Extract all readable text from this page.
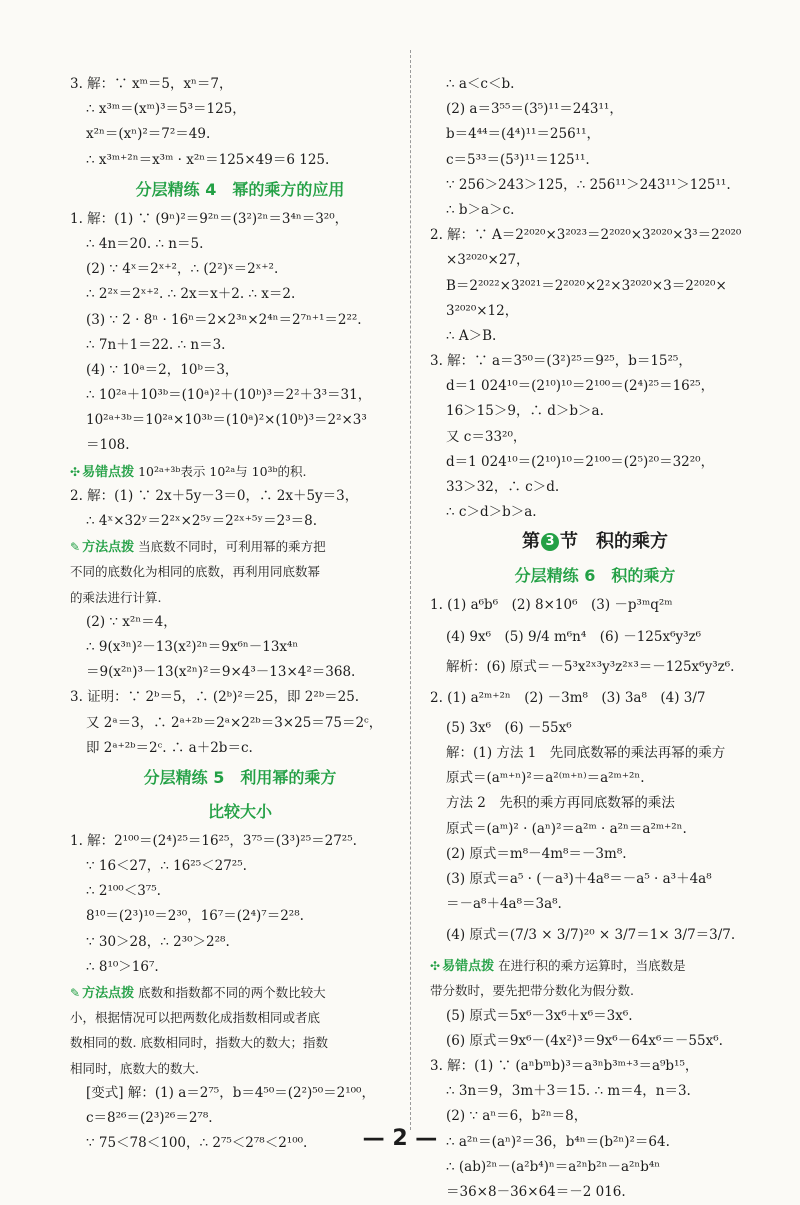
3. 解：∵ xᵐ＝5，xⁿ＝7，
∴ x³ᵐ＝(xᵐ)³＝5³＝125，
x²ⁿ＝(xⁿ)²＝7²＝49.
∴ x³ᵐ⁺²ⁿ＝x³ᵐ · x²ⁿ＝125×49＝6 125.
分层精练 4　幂的乘方的应用
1. 解：(1) ∵ (9ⁿ)²＝9²ⁿ＝(3²)²ⁿ＝3⁴ⁿ＝3²⁰，
∴ 4n＝20. ∴ n＝5.
(2) ∵ 4ˣ＝2ˣ⁺²，∴ (2²)ˣ＝2ˣ⁺².
∴ 2²ˣ＝2ˣ⁺². ∴ 2x＝x＋2. ∴ x＝2.
(3) ∵ 2 · 8ⁿ · 16ⁿ＝2×2³ⁿ×2⁴ⁿ＝2⁷ⁿ⁺¹＝2²².
∴ 7n＋1＝22. ∴ n＝3.
(4) ∵ 10ᵃ＝2，10ᵇ＝3，
∴ 10²ᵃ＋10³ᵇ＝(10ᵃ)²＋(10ᵇ)³＝2²＋3³＝31，
10²ᵃ⁺³ᵇ＝10²ᵃ×10³ᵇ＝(10ᵃ)²×(10ᵇ)³＝2²×3³
＝108.
✣ 易错点拨 10²ᵃ⁺³ᵇ表示 10²ᵃ与 10³ᵇ的积.
2. 解：(1) ∵ 2x＋5y－3＝0，∴ 2x＋5y＝3，
∴ 4ˣ×32ʸ＝2²ˣ×2⁵ʸ＝2²ˣ⁺⁵ʸ＝2³＝8.
✎ 方法点拨 当底数不同时，可利用幂的乘方把
不同的底数化为相同的底数，再利用同底数幂
的乘法进行计算.
(2) ∵ x²ⁿ＝4，
∴ 9(x³ⁿ)²－13(x²)²ⁿ＝9x⁶ⁿ－13x⁴ⁿ
＝9(x²ⁿ)³－13(x²ⁿ)²＝9×4³－13×4²＝368.
3. 证明：∵ 2ᵇ＝5，∴ (2ᵇ)²＝25，即 2²ᵇ＝25.
又 2ᵃ＝3，∴ 2ᵃ⁺²ᵇ＝2ᵃ×2²ᵇ＝3×25＝75＝2ᶜ，
即 2ᵃ⁺²ᵇ＝2ᶜ. ∴ a＋2b＝c.
分层精练 5　利用幂的乘方
比较大小
1. 解：2¹⁰⁰＝(2⁴)²⁵＝16²⁵，3⁷⁵＝(3³)²⁵＝27²⁵.
∵ 16＜27，∴ 16²⁵＜27²⁵.
∴ 2¹⁰⁰＜3⁷⁵.
8¹⁰＝(2³)¹⁰＝2³⁰，16⁷＝(2⁴)⁷＝2²⁸.
∵ 30＞28，∴ 2³⁰＞2²⁸.
∴ 8¹⁰＞16⁷.
✎ 方法点拨 底数和指数都不同的两个数比较大
小，根据情况可以把两数化成指数相同或者底
数相同的数. 底数相同时，指数大的数大；指数
相同时，底数大的数大.
[变式] 解：(1) a＝2⁷⁵，b＝4⁵⁰＝(2²)⁵⁰＝2¹⁰⁰，
c＝8²⁶＝(2³)²⁶＝2⁷⁸.
∵ 75＜78＜100，∴ 2⁷⁵＜2⁷⁸＜2¹⁰⁰.
∴ a＜c＜b.
(2) a＝3⁵⁵＝(3⁵)¹¹＝243¹¹，
b＝4⁴⁴＝(4⁴)¹¹＝256¹¹，
c＝5³³＝(5³)¹¹＝125¹¹.
∵ 256＞243＞125，∴ 256¹¹＞243¹¹＞125¹¹.
∴ b＞a＞c.
2. 解：∵ A＝2²⁰²⁰×3²⁰²³＝2²⁰²⁰×3²⁰²⁰×3³＝2²⁰²⁰
×3²⁰²⁰×27，
B＝2²⁰²²×3²⁰²¹＝2²⁰²⁰×2²×3²⁰²⁰×3＝2²⁰²⁰×
3²⁰²⁰×12，
∴ A＞B.
3. 解：∵ a＝3⁵⁰＝(3²)²⁵＝9²⁵，b＝15²⁵，
d＝1 024¹⁰＝(2¹⁰)¹⁰＝2¹⁰⁰＝(2⁴)²⁵＝16²⁵，
16＞15＞9，∴ d＞b＞a.
又 c＝33²⁰，
d＝1 024¹⁰＝(2¹⁰)¹⁰＝2¹⁰⁰＝(2⁵)²⁰＝32²⁰，
33＞32，∴ c＞d.
∴ c＞d＞b＞a.
第 3 节　积的乘方
分层精练 6　积的乘方
1. (1) a⁶b⁶　(2) 8×10⁶　(3) －p³ᵐq²ᵐ
(4) 9x⁶　(5) 9/4 m⁶n⁴　(6) －125x⁶y³z⁶
解析：(6) 原式＝－5³x²ˣ³y³z²ˣ³＝－125x⁶y³z⁶.
2. (1) a²ᵐ⁺²ⁿ　(2) －3m⁸　(3) 3a⁸　(4) 3/7
(5) 3x⁶　(6) －55x⁶
解：(1) 方法 1　先同底数幂的乘法再幂的乘方
原式＝(aᵐ⁺ⁿ)²＝a²⁽ᵐ⁺ⁿ⁾＝a²ᵐ⁺²ⁿ.
方法 2　先积的乘方再同底数幂的乘法
原式＝(aᵐ)² · (aⁿ)²＝a²ᵐ · a²ⁿ＝a²ᵐ⁺²ⁿ.
(2) 原式＝m⁸－4m⁸＝－3m⁸.
(3) 原式＝a⁵ · (－a³)＋4a⁸＝－a⁵ · a³＋4a⁸
＝－a⁸＋4a⁸＝3a⁸.
(4) 原式＝(7/3 × 3/7)²⁰ × 3/7＝1× 3/7＝3/7.
✣ 易错点拨 在进行积的乘方运算时，当底数是
带分数时，要先把带分数化为假分数.
(5) 原式＝5x⁶－3x⁶＋x⁶＝3x⁶.
(6) 原式＝9x⁶－(4x²)³＝9x⁶－64x⁶＝－55x⁶.
3. 解：(1) ∵ (aⁿbᵐb)³＝a³ⁿb³ᵐ⁺³＝a⁹b¹⁵，
∴ 3n＝9，3m＋3＝15. ∴ m＝4，n＝3.
(2) ∵ aⁿ＝6，b²ⁿ＝8，
∴ a²ⁿ＝(aⁿ)²＝36，b⁴ⁿ＝(b²ⁿ)²＝64.
∴ (ab)²ⁿ－(a²b⁴)ⁿ＝a²ⁿb²ⁿ－a²ⁿb⁴ⁿ
＝36×8－36×64＝－2 016.
— 2 —
